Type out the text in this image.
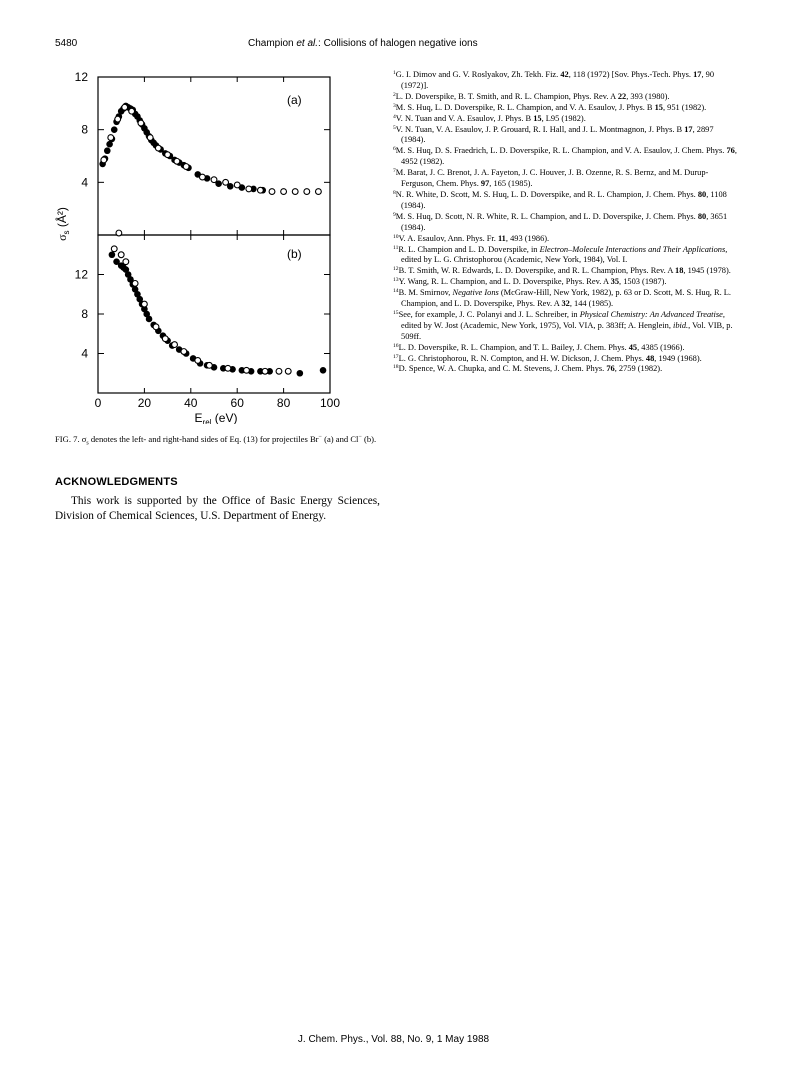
5480	Champion et al.: Collisions of halogen negative ions
(a)
(b)
$\sigma_s$ (Å²)
$E_{rel}$ (eV)
4
8
12
4
8
12
0	20	40	60	80 100
FIG. 7. $\sigma_s$ denotes the left- and right-hand sides of Eq. (13) for projectiles Br− (a) and Cl− (b).
ACKNOWLEDGMENTS
This work is supported by the Office of Basic Energy Sciences, Division of Chemical Sciences, U.S. Department of Energy.

$^1$G. I. Dimov and G. V. Roslyakov, Zh. Tekh. Fiz. 42, 118 (1972) [Sov. Phys.-Tech. Phys. 17, 90 (1972)].

$^2$L. D. Doverspike, B. T. Smith, and R. L. Champion, Phys. Rev. A 22, 393 (1980).

$^3$M. S. Huq, L. D. Doverspike, R. L. Champion, and V. A. Esaulov, J. Phys. B 15, 951 (1982).

$^4$V. N. Tuan and V. A. Esaulov, J. Phys. B 15, L95 (1982).

$^5$V. N. Tuan, V. A. Esaulov, J. P. Grouard, R. I. Hall, and J. L. Montmagnon, J. Phys. B 17, 2897 (1984).

$^6$M. S. Huq, D. S. Fraedrich, L. D. Doverspike, R. L. Champion, and V. A. Esaulov, J. Chem. Phys. 76, 4952 (1982).

$^7$M. Barat, J. C. Brenot, J. A. Fayeton, J. C. Houver, J. B. Ozenne, R. S. Bernz, and M. Durup-Ferguson, Chem. Phys. 97, 165 (1985).

$^8$N. R. White, D. Scott, M. S. Huq, L. D. Doverspike, and R. L. Champion, J. Chem. Phys. 80, 1108 (1984).

$^9$M. S. Huq, D. Scott, N. R. White, R. L. Champion, and L. D. Doverspike, J. Chem. Phys. 80, 3651 (1984).

$^{10}$V. A. Esaulov, Ann. Phys. Fr. 11, 493 (1986).

$^{11}$R. L. Champion and L. D. Doverspike, in Electron–Molecule Interactions and Their Applications, edited by L. G. Christophorou (Academic, New York, 1984), Vol. I.

$^{12}$B. T. Smith, W. R. Edwards, L. D. Doverspike, and R. L. Champion, Phys. Rev. A 18, 1945 (1978).

$^{13}$Y. Wang, R. L. Champion, and L. D. Doverspike, Phys. Rev. A 35, 1503 (1987).

$^{14}$B. M. Smirnov, Negative Ions (McGraw-Hill, New York, 1982), p. 63 or D. Scott, M. S. Huq, R. L. Champion, and L. D. Doverspike, Phys. Rev. A 32, 144 (1985).

$^{15}$See, for example, J. C. Polanyi and J. L. Schreiber, in Physical Chemistry: An Advanced Treatise, edited by W. Jost (Academic, New York, 1975), Vol. VIA, p. 383ff; A. Henglein, ibid., Vol. VIB, p. 509ff.

$^{16}$L. D. Doverspike, R. L. Champion, and T. L. Bailey, J. Chem. Phys. 45, 4385 (1966).

$^{17}$L. G. Christophorou, R. N. Compton, and H. W. Dickson, J. Chem. Phys. 48, 1949 (1968).

$^{18}$D. Spence, W. A. Chupka, and C. M. Stevens, J. Chem. Phys. 76, 2759 (1982).

J. Chem. Phys., Vol. 88, No. 9, 1 May 1988
